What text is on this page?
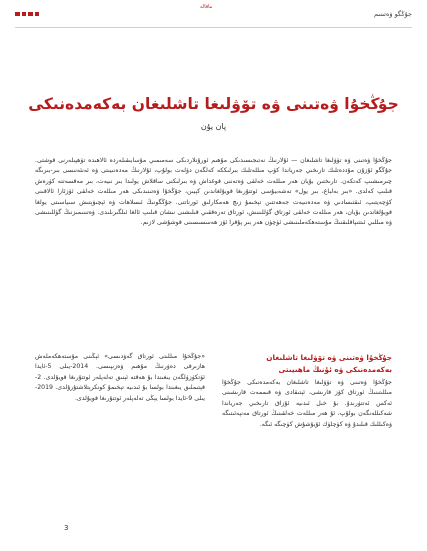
جۇڭگو ۋەتىنىم
ماقالە
جۇڭخۇا ۋەتىنى ۋە تۆۋلىغا تاشلىغان بەكەمدەنىكى

پان يۇن

جۇڭخۇا ۋەتىنى ۋە تۆۋلىغا تاشلىغان — ئۇلارنىڭ نەتىجىسىدىكى مۇھىم ئورۇنلاردىكى سەمىمىي مۇسابىقىلەردە ئالاھىدە تۆھپىلەرنى قوشتى. جۇڭگو ئۇزۇن مۇددەتلىك تارىخىي جەرياندا كۆپ مىللەتلىك بىرلىككە كەلگەن دۆلەت بولۇپ، ئۇلارنىڭ مەدەنىيىتى ۋە ئەنئەنىسى بىر-بىرىگە چىرمىشىپ كەتكەن. تارىختىن بۇيان ھەر مىللەت خەلقى ۋەتەننى قوغداش ۋە بىرلىكنى ساقلاش يولىدا بىر نىيەت، بىر مەقسەتتە كۈرەش قىلىپ كەلدى. «بىر بەلباغ، بىر يول» تەشەببۇسى ئوتتۇرىغا قويۇلغاندىن كېيىن، جۇڭخۇا ۋەتىنىدىكى ھەر مىللەت خەلقى ئۆزئارا ئالاقىنى كۈچەيتىپ، ئىقتىسادىي ۋە مەدەنىيەت جەھەتتىن تېخىمۇ زىچ ھەمكارلىق ئورناتتى. جۇڭگونىڭ ئىسلاھات ۋە ئېچىۋېتىش سىياسىتى يولغا قويۇلغاندىن بۇيان، ھەر مىللەت خەلقى ئورتاق گۈللىنىش، ئورتاق تەرەققىي قىلىشنى نىشان قىلىپ ئالغا ئىلگىرىلىدى. ۋەتىنىمىزنىڭ گۈللىنىشى ۋە مىللىي ئىتتىپاقلىقنىڭ مۇستەھكەملىنىشى ئۈچۈن ھەر بىر پۇقرا ئۆز ھەسسىسىنى قوشۇشى لازىم.

جۇڭخۇا ۋەتىنى ۋە تۆۋلىغا تاشلىغان بەكەمدەنىكى ۋە ئۇنىڭ ماھىيىتى

جۇڭخۇا ۋەتىنى ۋە تۆۋلىغا تاشلىغان بەكەمدەنىكى جۇڭخۇا مىللىتىنىڭ ئورتاق كۆز قارىشى، ئېتىقادى ۋە قىممەت قارىشىنى ئەكس ئەتتۈرىدۇ. بۇ خىل ئىدىيە ئۇزاق تارىخىي جەرياندا شەكىللەنگەن بولۇپ، ئۇ ھەر مىللەت خەلقىنىڭ ئورتاق مەنپەئىتىگە ۋەكىللىك قىلىدۇ ۋە كۈچلۈك ئۇيۇشۇش كۈچىگە ئىگە.

«جۇڭخۇا مىللىتى ئورتاق گەۋدىسى» ئېڭىنى مۇستەھكەملەش ھازىرقى دەۋرنىڭ مۇھىم ۋەزىپىسى. 2014-يىلى 5-ئايدا ئۆتكۈزۈلگەن يىغىندا بۇ ھەقتە ئېنىق تەلەپلەر ئوتتۇرىغا قويۇلدى. 2-قېتىملىق يىغىندا بولسا بۇ ئىدىيە تېخىمۇ كونكرېتلاشتۇرۇلدى. 2019-يىلى 9-ئايدا بولسا يېڭى تەلەپلەر ئوتتۇرىغا قويۇلدى.

3
